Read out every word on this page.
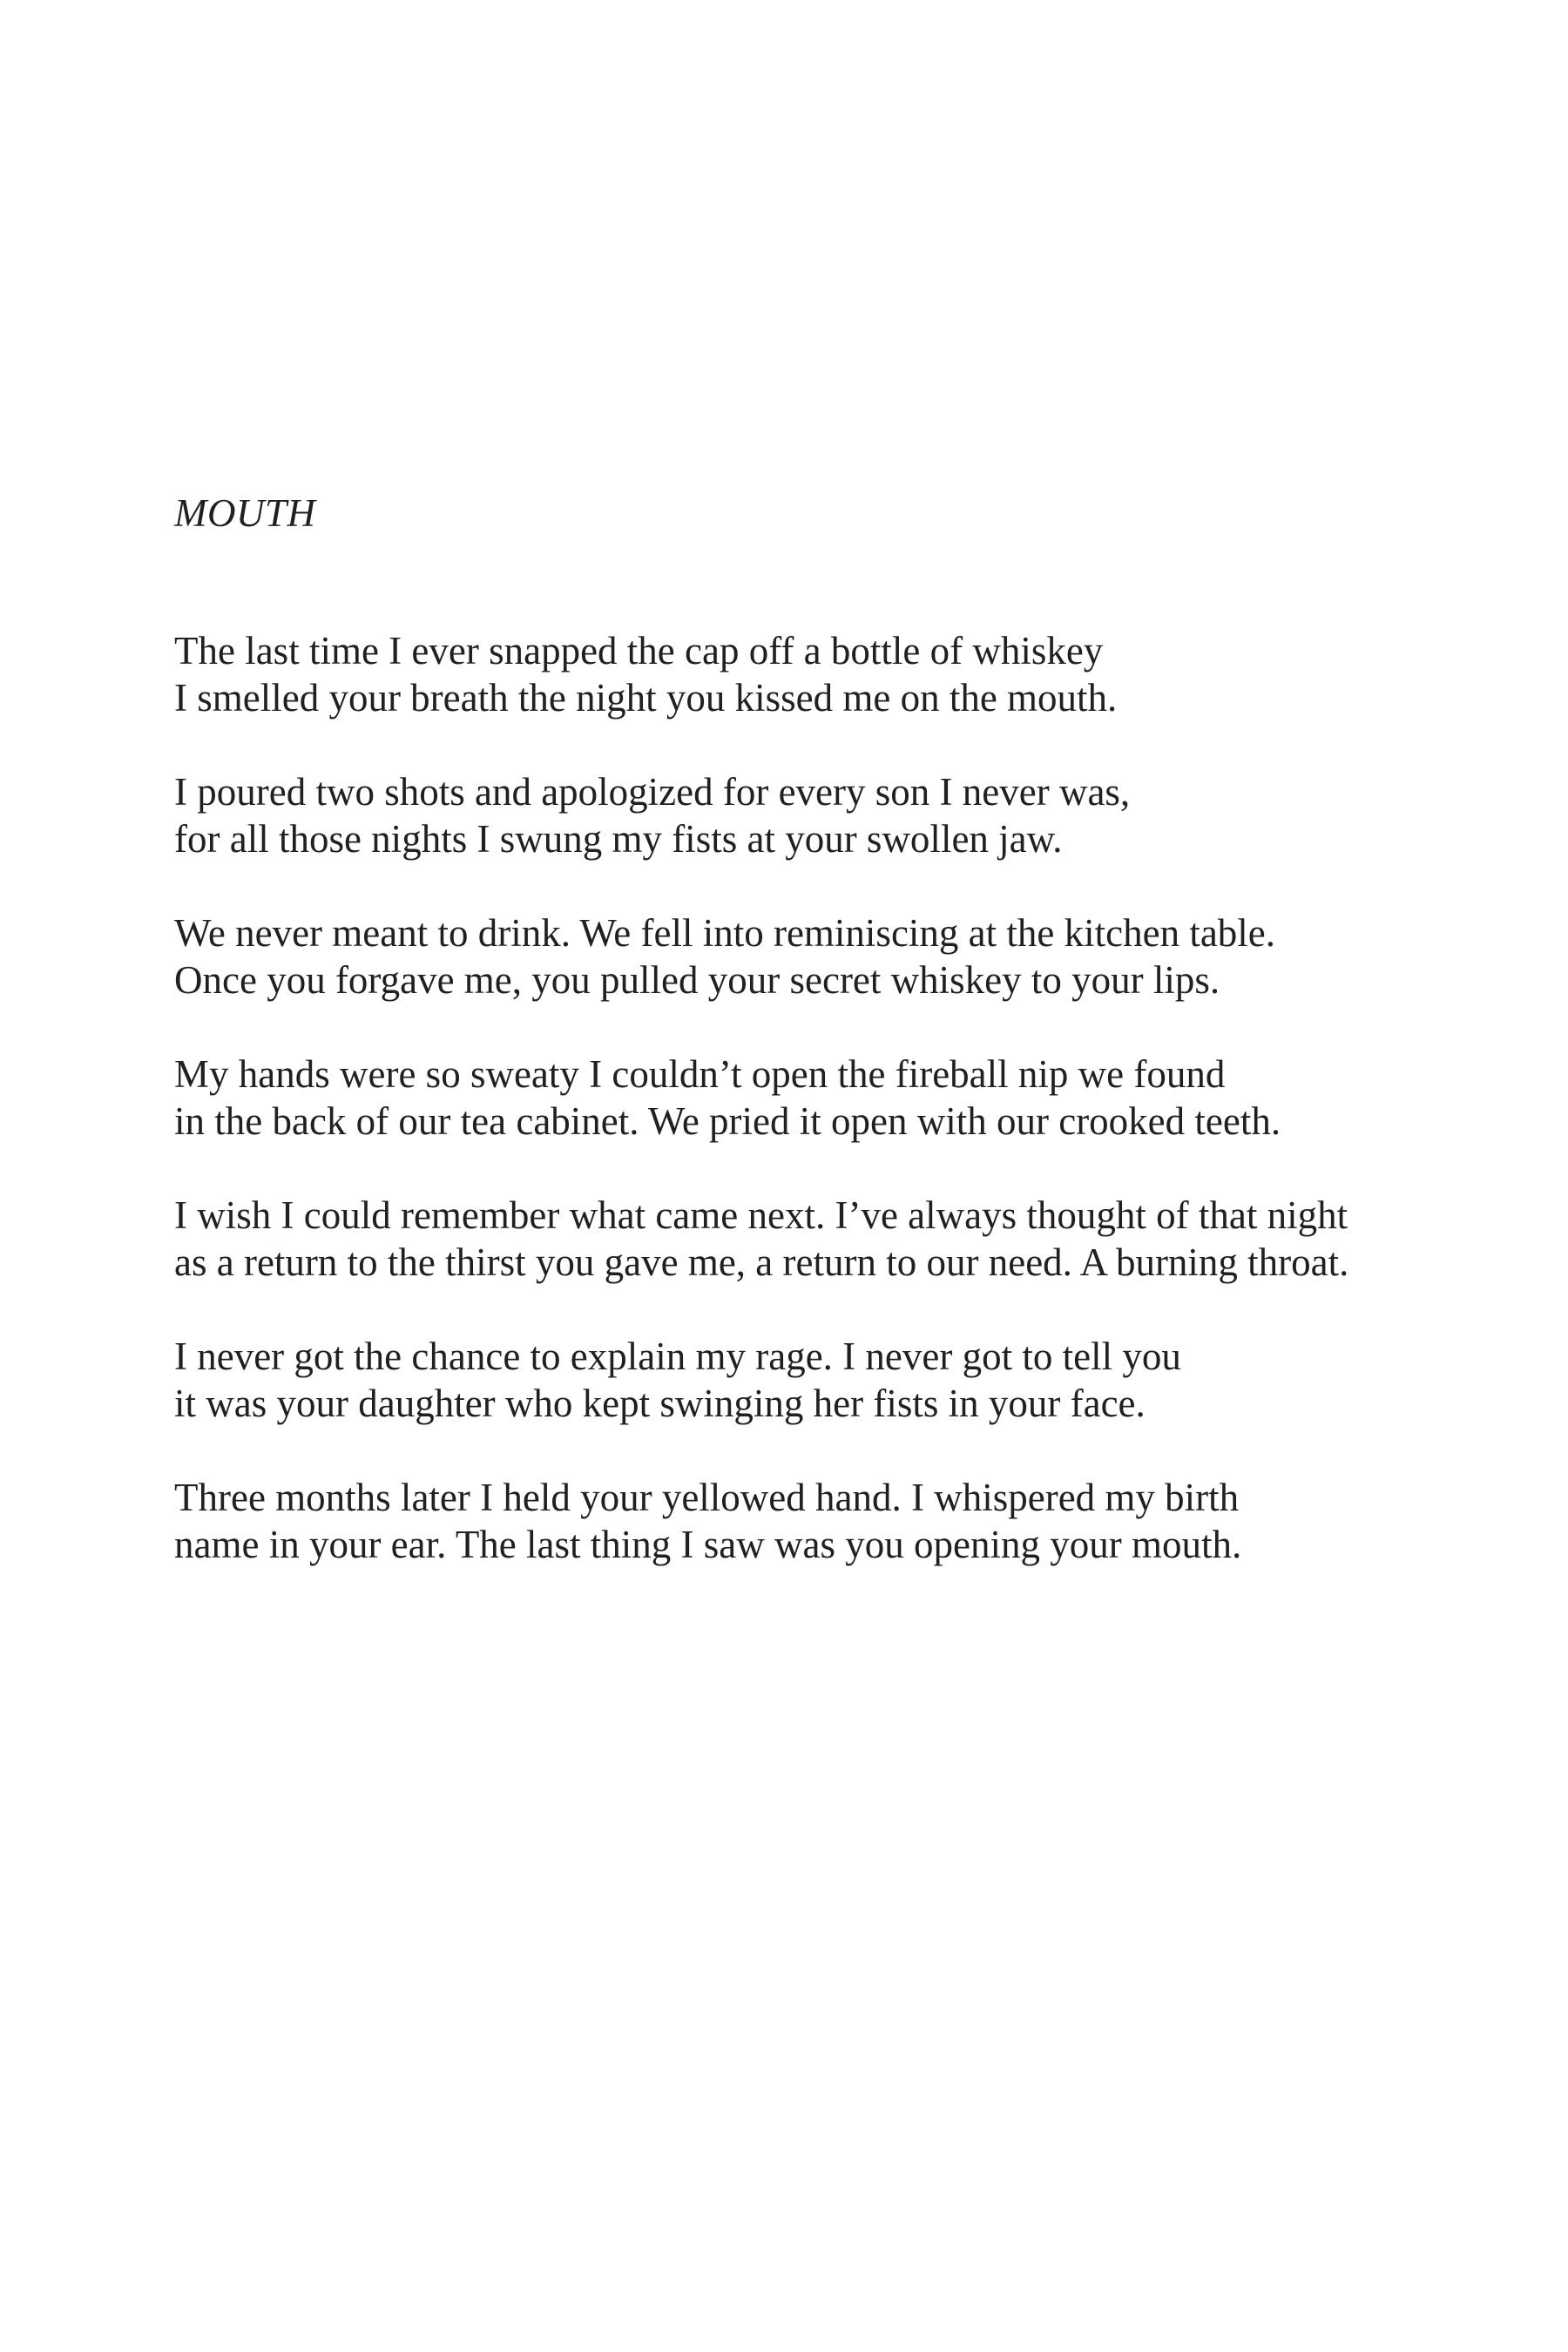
MOUTH
The last time I ever snapped the cap off a bottle of whiskey
I smelled your breath the night you kissed me on the mouth.
I poured two shots and apologized for every son I never was,
for all those nights I swung my fists at your swollen jaw.
We never meant to drink. We fell into reminiscing at the kitchen table.
Once you forgave me, you pulled your secret whiskey to your lips.
My hands were so sweaty I couldn’t open the fireball nip we found
in the back of our tea cabinet. We pried it open with our crooked teeth.
I wish I could remember what came next. I’ve always thought of that night
as a return to the thirst you gave me, a return to our need. A burning throat.
I never got the chance to explain my rage. I never got to tell you
it was your daughter who kept swinging her fists in your face.
Three months later I held your yellowed hand. I whispered my birth
name in your ear. The last thing I saw was you opening your mouth.
